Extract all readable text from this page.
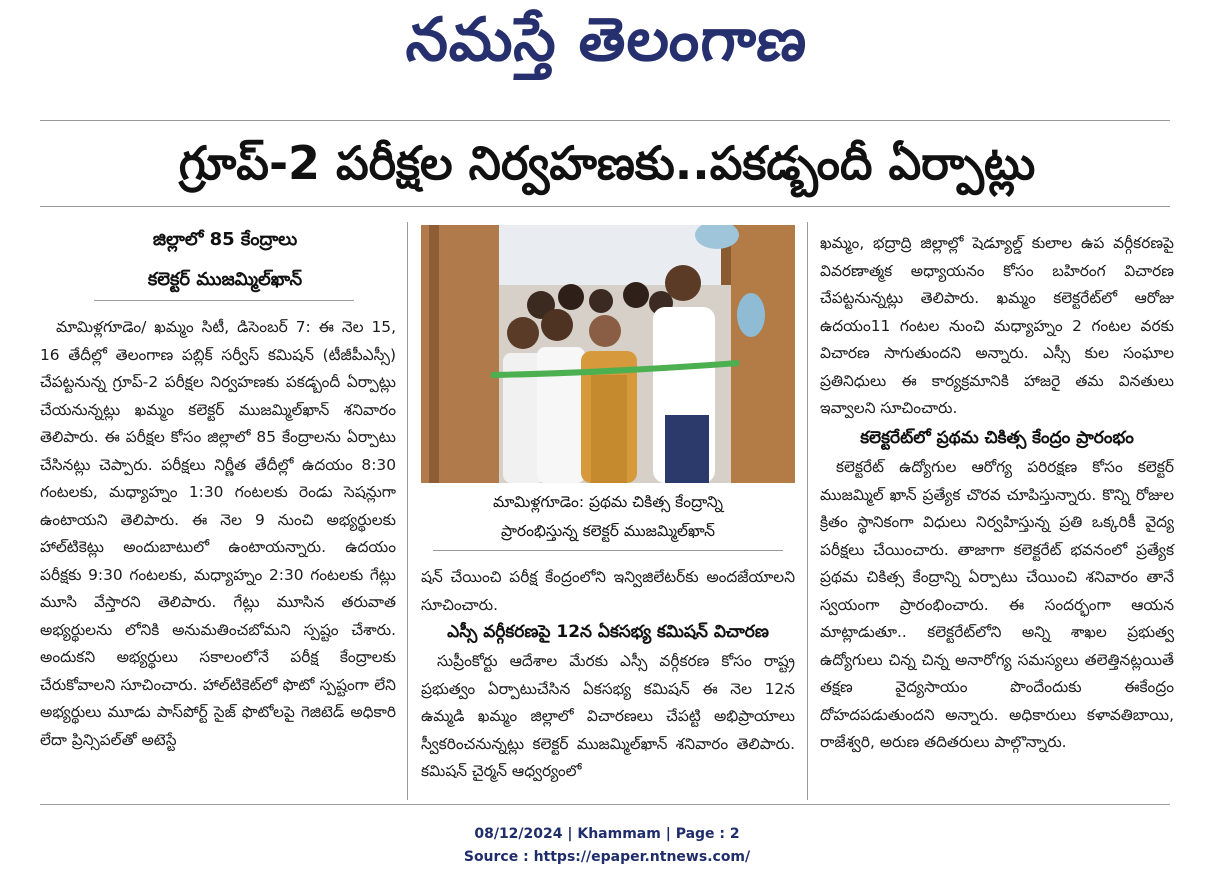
నమస్తే తెలంగాణ
గ్రూప్-2 పరీక్షల నిర్వహణకు..పకడ్బందీ ఏర్పాట్లు
జిల్లాలో 85 కేంద్రాలు
కలెక్టర్ ముజమ్మిల్‌ఖాన్

మామిళ్లగూడెం/ ఖమ్మం సిటీ, డిసెంబర్ 7: ఈ నెల 15, 16 తేదీల్లో తెలంగాణ పబ్లిక్ సర్వీస్ కమిషన్ (టీజీపీఎస్సీ) చేపట్టనున్న గ్రూప్-2 పరీక్షల నిర్వహణకు పకడ్బందీ ఏర్పాట్లు చేయనున్నట్లు ఖమ్మం కలెక్టర్ ముజమ్మిల్‌ఖాన్ శనివారం తెలిపారు. ఈ పరీక్షల కోసం జిల్లాలో 85 కేంద్రాలను ఏర్పాటు చేసినట్లు చెప్పారు. పరీక్షలు నిర్ణీత తేదీల్లో ఉదయం 8:30 గంటలకు, మధ్యాహ్నం 1:30 గంటలకు రెండు సెషన్లుగా ఉంటాయని తెలిపారు. ఈ నెల 9 నుంచి అభ్యర్థులకు హాల్‌టికెట్లు అందుబాటులో ఉంటాయన్నారు. ఉదయం పరీక్షకు 9:30 గంటలకు, మధ్యాహ్నం 2:30 గంటలకు గేట్లు మూసి వేస్తారని తెలిపారు. గేట్లు మూసిన తరువాత అభ్యర్థులను లోనికి అనుమతించబోమని స్పష్టం చేశారు. అందుకని అభ్యర్థులు సకాలంలోనే పరీక్ష కేంద్రాలకు చేరుకోవాలని సూచించారు. హాల్‌టికెట్‌లో ఫొటో స్పష్టంగా లేని అభ్యర్థులు మూడు పాస్‌పోర్ట్ సైజ్ ఫొటోలపై గెజిటెడ్ అధికారి లేదా ప్రిన్సిపల్‌తో అటెస్టే

మామిళ్లగూడెం: ప్రథమ చికిత్స కేంద్రాన్ని
ప్రారంభిస్తున్న కలెక్టర్ ముజమ్మిల్‌ఖాన్

షన్ చేయించి పరీక్ష కేంద్రంలోని ఇన్విజిలేటర్‌కు అందజేయాలని సూచించారు.

ఎస్సీ వర్గీకరణపై 12న ఏకసభ్య కమిషన్ విచారణ

సుప్రీంకోర్టు ఆదేశాల మేరకు ఎస్సీ వర్గీకరణ కోసం రాష్ట్ర ప్రభుత్వం ఏర్పాటుచేసిన ఏకసభ్య కమిషన్ ఈ నెల 12న ఉమ్మడి ఖమ్మం జిల్లాలో విచారణలు చేపట్టి అభిప్రాయాలు స్వీకరించనున్నట్లు కలెక్టర్ ముజమ్మిల్‌ఖాన్ శనివారం తెలిపారు. కమిషన్ చైర్మన్ ఆధ్వర్యంలో

ఖమ్మం, భద్రాద్రి జిల్లాల్లో షెడ్యూల్డ్ కులాల ఉప వర్గీకరణపై వివరణాత్మక అధ్యాయనం కోసం బహిరంగ విచారణ చేపట్టనున్నట్లు తెలిపారు. ఖమ్మం కలెక్టరేట్‌లో ఆరోజు ఉదయం11 గంటల నుంచి మధ్యాహ్నం 2 గంటల వరకు విచారణ సాగుతుందని అన్నారు. ఎస్సీ కుల సంఘాల ప్రతినిధులు ఈ కార్యక్రమానికి హాజరై తమ వినతులు ఇవ్వాలని సూచించారు.

కలెక్టరేట్‌లో ప్రథమ చికిత్స కేంద్రం ప్రారంభం

కలెక్టరేట్ ఉద్యోగుల ఆరోగ్య పరిరక్షణ కోసం కలెక్టర్ ముజమ్మిల్ ఖాన్ ప్రత్యేక చొరవ చూపిస్తున్నారు. కొన్ని రోజుల క్రితం స్థానికంగా విధులు నిర్వహిస్తున్న ప్రతి ఒక్కరికీ వైద్య పరీక్షలు చేయించారు. తాజాగా కలెక్టరేట్ భవనంలో ప్రత్యేక ప్రథమ చికిత్స కేంద్రాన్ని ఏర్పాటు చేయించి శనివారం తానే స్వయంగా ప్రారంభించారు. ఈ సందర్భంగా ఆయన మాట్లాడుతూ.. కలెక్టరేట్‌లోని అన్ని శాఖల ప్రభుత్వ ఉద్యోగులు చిన్న చిన్న అనారోగ్య సమస్యలు తలెత్తినట్లయితే తక్షణ వైద్యసాయం పొందేందుకు ఈకేంద్రం దోహదపడుతుందని అన్నారు. అధికారులు కళావతిబాయి, రాజేశ్వరి, అరుణ తదితరులు పాల్గొన్నారు.

08/12/2024 | Khammam | Page : 2
Source : https://epaper.ntnews.com/
